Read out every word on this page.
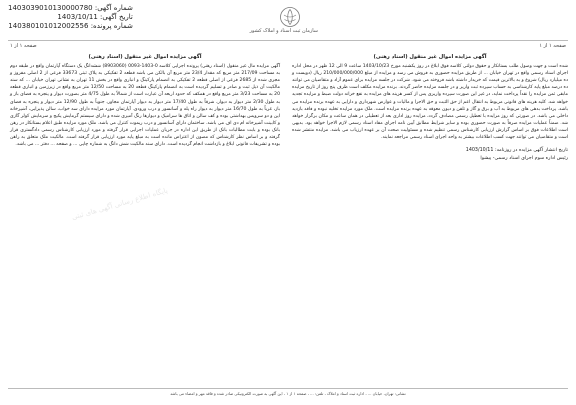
شماره آگهی: 1403039010130000780
تاریخ آگهی: 1403/10/11
شماره پرونده: 140380101012002556
سازمان ثبت اسناد و املاک کشور
صفحه ۱ از ۱	صفحه ۱ از ۱
آگهی مزایده اموال غیر منقول (اسناد رهنی)
شده است و جهت وصول طلب بستانکار و حقوق دولتی کلاسه فوق ابلاغ در روز یکشنبه مورخ 1403/10/23 ساعت 9 الی 12 ظهر در محل اداره اجرای اسناد رسمی واقع در تهران خیابان ... از طریق مزایده حضوری به فروش می رسد و مزایده از مبلغ 210/000/000/000 ریال (دویست و ده میلیارد ریال) شروع و به بالاترین قیمت که خریدار داشته باشد فروخته می شود. شرکت در جلسه مزایده برای عموم آزاد و متقاضیان می توانند ده درصد مبلغ پایه کارشناسی به حساب سپرده ثبت واریز و در جلسه مزایده حاضر گردند. برنده مزایده مکلف است ظرف پنج روز از تاریخ مزایده مابقی ثمن مزایده را نقداً پرداخت نماید، در غیر این صورت سپرده واریزی پس از کسر هزینه های مزایده به نفع خزانه دولت ضبط و مزایده تجدید خواهد شد. کلیه هزینه های قانونی مربوط به انتقال اعم از حق الثبت و حق الاجرا و مالیات و عوارض شهرداری و دارایی به عهده برنده مزایده می باشد. پرداخت بدهی های مربوط به آب و برق و گاز و تلفن و دیون معوقه به عهده برنده مزایده است. ملک مورد مزایده تخلیه نبوده و فاقد بازدید داخلی می باشد. در صورتی که روز مزایده با تعطیل رسمی مصادف گردد، مزایده روز اداری بعد از تعطیلی در همان ساعت و مکان برگزار خواهد شد. ضمناً عملیات مزایده صرفاً به صورت حضوری بوده و سایر شرایط مطابق آیین نامه اجرای مفاد اسناد رسمی لازم الاجرا خواهد بود. بدیهی است اطلاعات فوق بر اساس گزارش ارزیابی کارشناس رسمی تنظیم شده و مسئولیت صحت آن بر عهده ارزیاب می باشد. مزایده منتشر شده است و متقاضیان می توانند جهت کسب اطلاعات بیشتر به واحد اجرای اسناد رسمی مراجعه نمایند.
تاریخ انتشار آگهی مزایده در روزنامه: 1403/10/11
رئیس اداره سوم اجرای اسناد رسمی- پیشوا
آگهی مزایده اموال غیر منقول (اسناد رهنی)
آگهی مزایده مال غیر منقول (اسناد رهنی) پرونده اجرایی کلاسه 0-1403-0093 (8903060) ششدانگ یک دستگاه آپارتمان واقع در طبقه دوم به مساحت 217/09 متر مربع که مقدار 23/4 متر مربع آن بالکن می باشد قطعه 2 تفکیکی به پلاک ثبتی 33673 فرعی از 2 اصلی مفروز و مجزی شده از 2685 فرعی از اصلی قطعه 2 تفکیکی به انضمام پارکینگ و انباری واقع در بخش 11 تهران به نشانی تهران خیابان ... که سند مالکیت آن ذیل ثبت و صادر و تسلیم گردیده است به انضمام پارکینگ قطعه 20 به مساحت 12/50 متر مربع واقع در زیرزمین و انباری قطعه 20 به مساحت 3/23 متر مربع واقع در همکف که حدود اربعه آن عبارت است از شمالاً به طول 4/75 متر بصورت دیوار و پنجره به فضای باز و به طول 2/30 متر دیوار به دیوار، شرقاً به طول 17/40 متر دیوار به دیوار آپارتمان مجاور، جنوباً به طول 12/90 متر دیوار و پنجره به فضای باز، غرباً به طول 16/70 متر دیوار به دیوار راه پله و آسانسور و درب ورودی. آپارتمان مورد مزایده دارای سه خواب، سالن پذیرایی، آشپزخانه اپن و دو سرویس بهداشتی بوده و کف سالن و اتاق ها سرامیک و دیوارها رنگ آمیزی شده و دارای سیستم گرمایش پکیج و سرمایش کولر گازی و کابینت آشپزخانه ام دی اف می باشد. ساختمان دارای آسانسور و درب ریموت کنترل می باشد. ملک مورد مزایده طبق اعلام بستانکار در رهن بانک بوده و بابت مطالبات بانک از طریق این اداره در جریان عملیات اجرایی قرار گرفته و مورد ارزیابی کارشناس رسمی دادگستری قرار گرفته و بر اساس نظر کارشناس که مصون از اعتراض مانده است به مبلغ پایه مورد ارزیابی قرار گرفته است. مالکیت ملک متعلق به راهن بوده و تشریفات قانونی ابلاغ و بازداشت انجام گردیده است. دارای سند مالکیت شش دانگ به شماره چاپی ... و صفحه ... دفتر ... می باشد.
پایگاه اطلاع رسانی آگهی های ثبتی
نشانی: تهران، خیابان ... ، اداره ثبت اسناد و املاک ، تلفن: ... ، صفحه ۱ از ۱ ، این آگهی به صورت الکترونیکی صادر شده و فاقد مهر و امضاء می باشد
